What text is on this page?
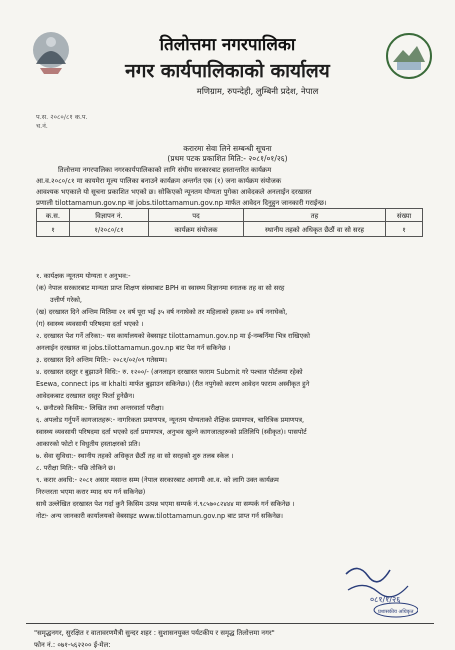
तिलोत्तमा नगरपालिका
नगर कार्यपालिकाको कार्यालय
मणिग्राम, रुपन्देही, लुम्बिनी प्रदेश, नेपाल
प.स. २०८०/८१ क.प.
च.नं.
करारमा सेवा लिने सम्बन्धी सूचना
(प्रथम पटक प्रकाशित मिति:- २०८१/०१/२६)
तिलोत्तमा नगरपालिका नगरकार्यपालिकाको लागि संघीय सरकारबाट हस्तान्तरित कार्यक्रम
आ.व.२०८०/८१ मा कायमेरा मूल्य पालिका बनाउने कार्यक्रम अन्तर्गत एक (१) जना कार्यक्रम संयोजक
आवश्यक भएकाले यो सूचना प्रकाशित भएको छ। सोकिएको न्यूनतम योग्यता पुगेका आवेदकले अनलाईन दरखास्त
प्रणाली tilottamamun.gov.np वा jobs.tilottamamun.gov.np मार्फत आवेदन दिनुहुन जानकारी गराईन्छ।
क.स.	विज्ञापन नं.	पद	तह	संख्या
१	१/२०८०/८१	कार्यक्रम संयोजक	स्थानीय तहको अधिकृत छैठौं वा सो सरह	१
१. कार्यक्षक न्यूनतम योग्यता र अनुभव:-
(क) नेपाल सरकारबाट मान्यता प्राप्त शिक्षण संस्थाबाट BPH वा स्वास्थ्य विज्ञानमा स्नातक तह वा सो सरह
उत्तीर्ण गरेको,
(ख) दरखास्त दिने अन्तिम मितिमा २१ वर्ष पूरा भई ३५ वर्ष ननाघेको तर महिलाको हकमा ४० वर्ष ननाघेको,
(ग) स्वास्थ्य व्यवसायी परिषदमा दर्ता भएको ।
२. दरखास्त पेश गर्ने तरिका:- यस कार्यालयको वेबसाइट tilottamamun.gov.np मा ई-नम्बर्निमा भित्र राखिएको
अनलाईन दरखास्त वा jobs.tilottamamun.gov.np बाट पेश गर्न सकिनेछ ।
३. दरखास्त दिने अन्तिम मिति:- २०८१/०२/०९ गतेसम्म।
४. दरखास्त दस्तुर र बुझाउने विधि:- रु. १२००/- (अनलाइन दरखास्त फाराम Submit गरे पश्चात पोर्टलमा रहेको
Esewa, connect ips वा khalti मार्फत बुझाउन सकिनेछ।) (रीत नपुगेको कारण आवेदन फाराम अस्वीकृत हुने
आवेदकबाट दरखास्त दस्तुर फिर्ता हुनेछैन।
५. छनौटको किसिम:- लिखित तथा अन्तरवार्ता परीक्षा।
६. अपलोड गर्नुपर्ने कागजातहरू:- नागरिकता प्रमाणपत्र, न्यूनतम योग्यताको शैक्षिक प्रमाणपत्र, चारित्रिक प्रमाणपत्र,
स्वास्थ्य व्यवसायी परिषदमा दर्ता भएको दर्ता प्रमाणपत्र, अनुभव खुल्ने कागजातहरूको प्रतिलिपि (स्वीकृत)। पासपोर्ट
आकारको फोटो र विधुतीय हस्ताक्षरको प्रति।
७. सेवा सुविधा:- स्थानीय तहको अधिकृत छैठौं तह वा सो सरहको शुरु तलब स्केल ।
८. परीक्षा मिति:- पछि तोकिने छ।
९. करार अवधि:- २०८१ असार मसान्त सम्म (नेपाल सरकारबाट आगामी आ.व. को लागि उक्त कार्यक्रम
निरन्तरता भएमा करार म्याद थप गर्न सकिनेछ)
साथै उल्लेखित दरखास्त पेश गर्दा कुनै किसिम उत्पन्न भएमा सम्पर्क नं.९८५७०८२४४४ मा सम्पर्क गर्न सकिनेछ ।
नोटः- अन्य जानकारी कार्यालयको वेबसाइट www.tilottamamun.gov.np बाट प्राप्त गर्न सकिनेछ।
०८१/१/२६
प्रशासकीय अधिकृत
"समृद्धनगर, सुरक्षित र वातावरणमैत्री सुन्दर शहर : सुशासनयुक्त पर्यटकीय र समृद्ध तिलोत्तमा नगर"
फोन नं.: ०७१-५६२२०० ई-मेल:
